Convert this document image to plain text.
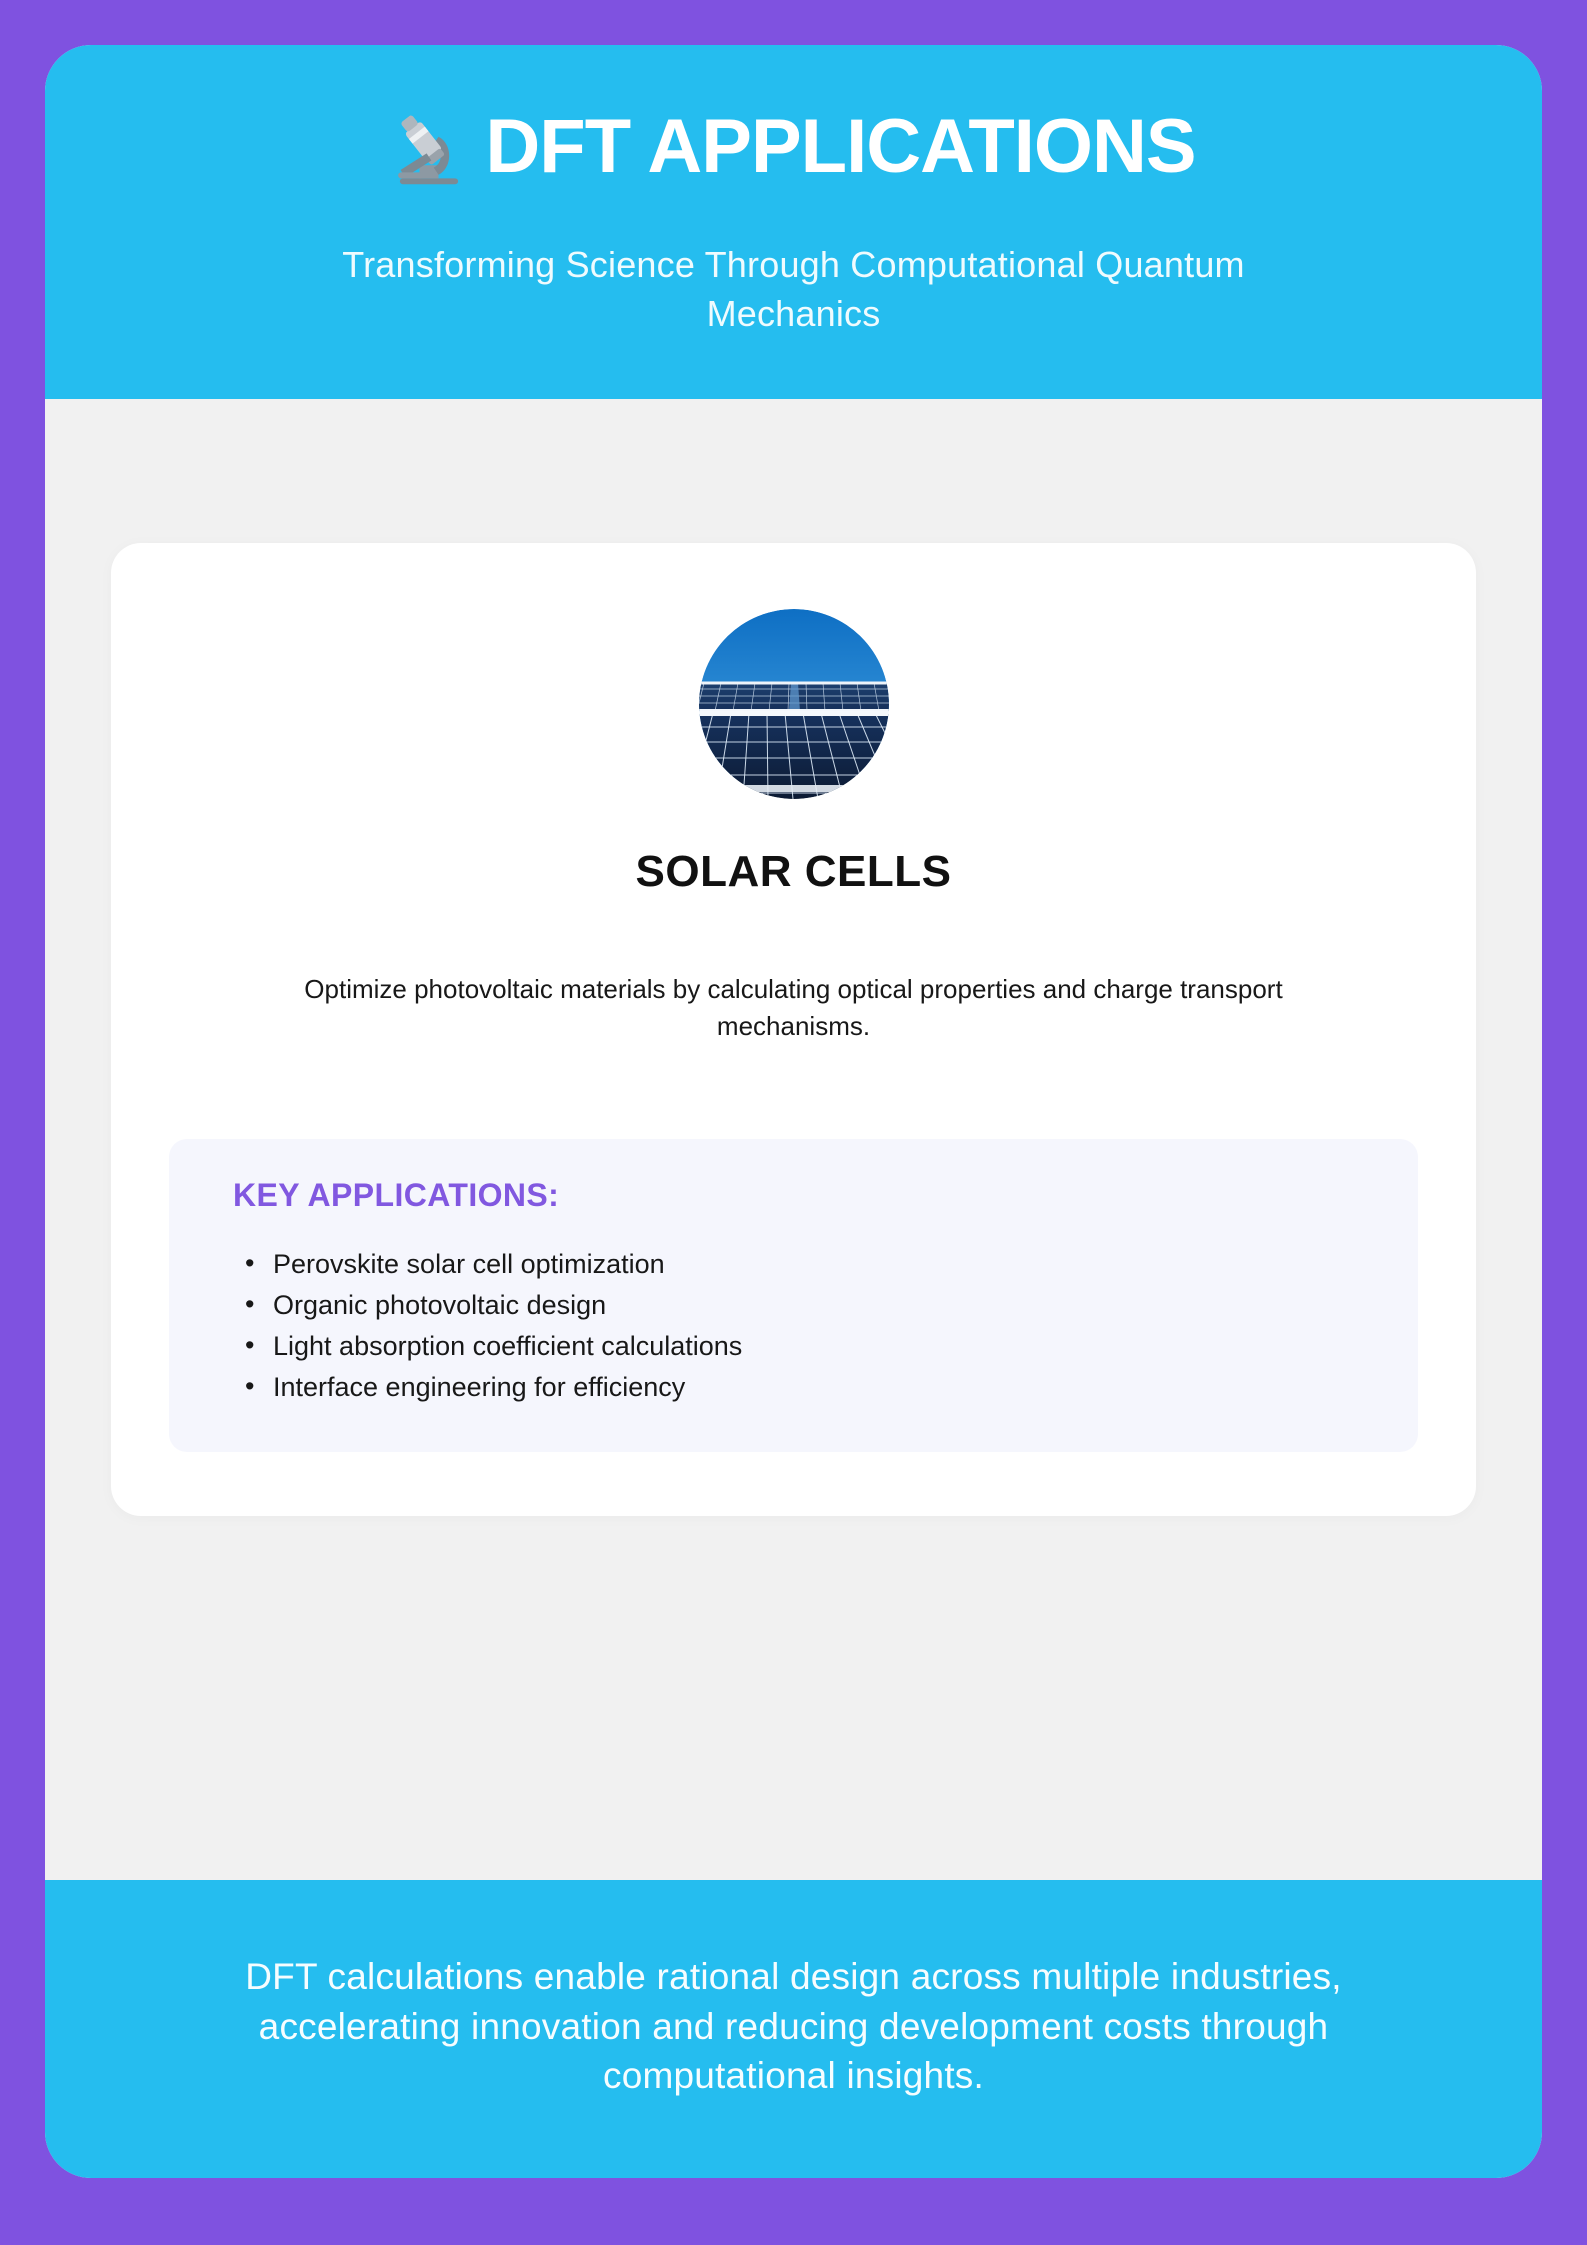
DFT APPLICATIONS
Transforming Science Through Computational Quantum Mechanics
SOLAR CELLS

Optimize photovoltaic materials by calculating optical properties and charge transport mechanisms.

KEY APPLICATIONS:
• Perovskite solar cell optimization
• Organic photovoltaic design
• Light absorption coefficient calculations
• Interface engineering for efficiency

DFT calculations enable rational design across multiple industries, accelerating innovation and reducing development costs through computational insights.
